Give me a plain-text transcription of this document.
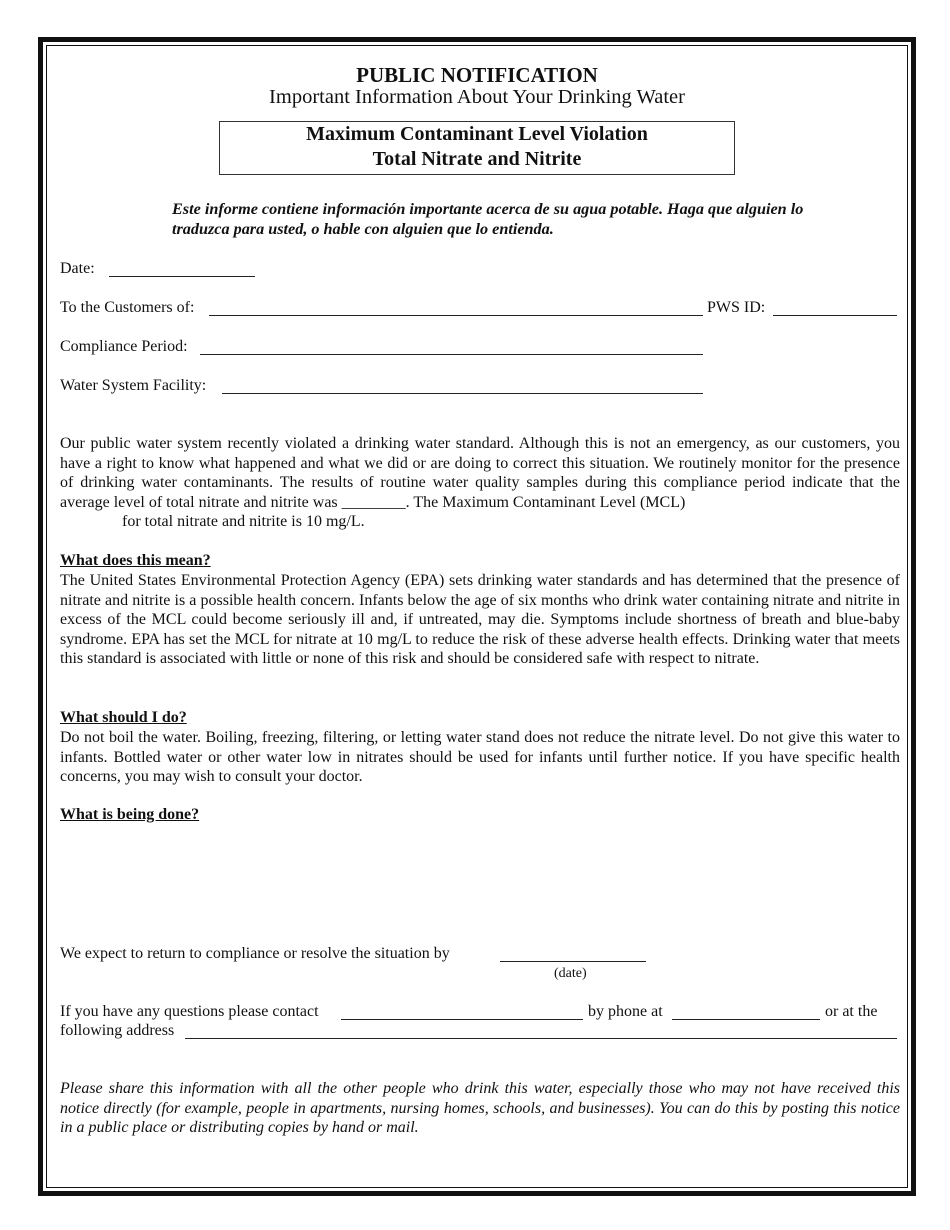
PUBLIC NOTIFICATION
Important Information About Your Drinking Water
Maximum Contaminant Level Violation
Total Nitrate and Nitrite
Este informe contiene información importante acerca de su agua potable. Haga que alguien lo traduzca para usted, o hable con alguien que lo entienda.
Date:
To the Customers of:	PWS ID:
Compliance Period:
Water System Facility:
Our public water system recently violated a drinking water standard. Although this is not an emergency, as our customers, you have a right to know what happened and what we did or are doing to correct this situation. We routinely monitor for the presence of drinking water contaminants. The results of routine water quality samples during this compliance period indicate that the average level of total nitrate and nitrite was ________. The Maximum Contaminant Level (MCL)
for total nitrate and nitrite is 10 mg/L.
What does this mean?
The United States Environmental Protection Agency (EPA) sets drinking water standards and has determined that the presence of nitrate and nitrite is a possible health concern. Infants below the age of six months who drink water containing nitrate and nitrite in excess of the MCL could become seriously ill and, if untreated, may die. Symptoms include shortness of breath and blue-baby syndrome. EPA has set the MCL for nitrate at 10 mg/L to reduce the risk of these adverse health effects. Drinking water that meets this standard is associated with little or none of this risk and should be considered safe with respect to nitrate.
What should I do?
Do not boil the water. Boiling, freezing, filtering, or letting water stand does not reduce the nitrate level. Do not give this water to infants. Bottled water or other water low in nitrates should be used for infants until further notice. If you have specific health concerns, you may wish to consult your doctor.
What is being done?
We expect to return to compliance or resolve the situation by
(date)
If you have any questions please contact	by phone at	or at the
following address
Please share this information with all the other people who drink this water, especially those who may not have received this notice directly (for example, people in apartments, nursing homes, schools, and businesses). You can do this by posting this notice in a public place or distributing copies by hand or mail.
